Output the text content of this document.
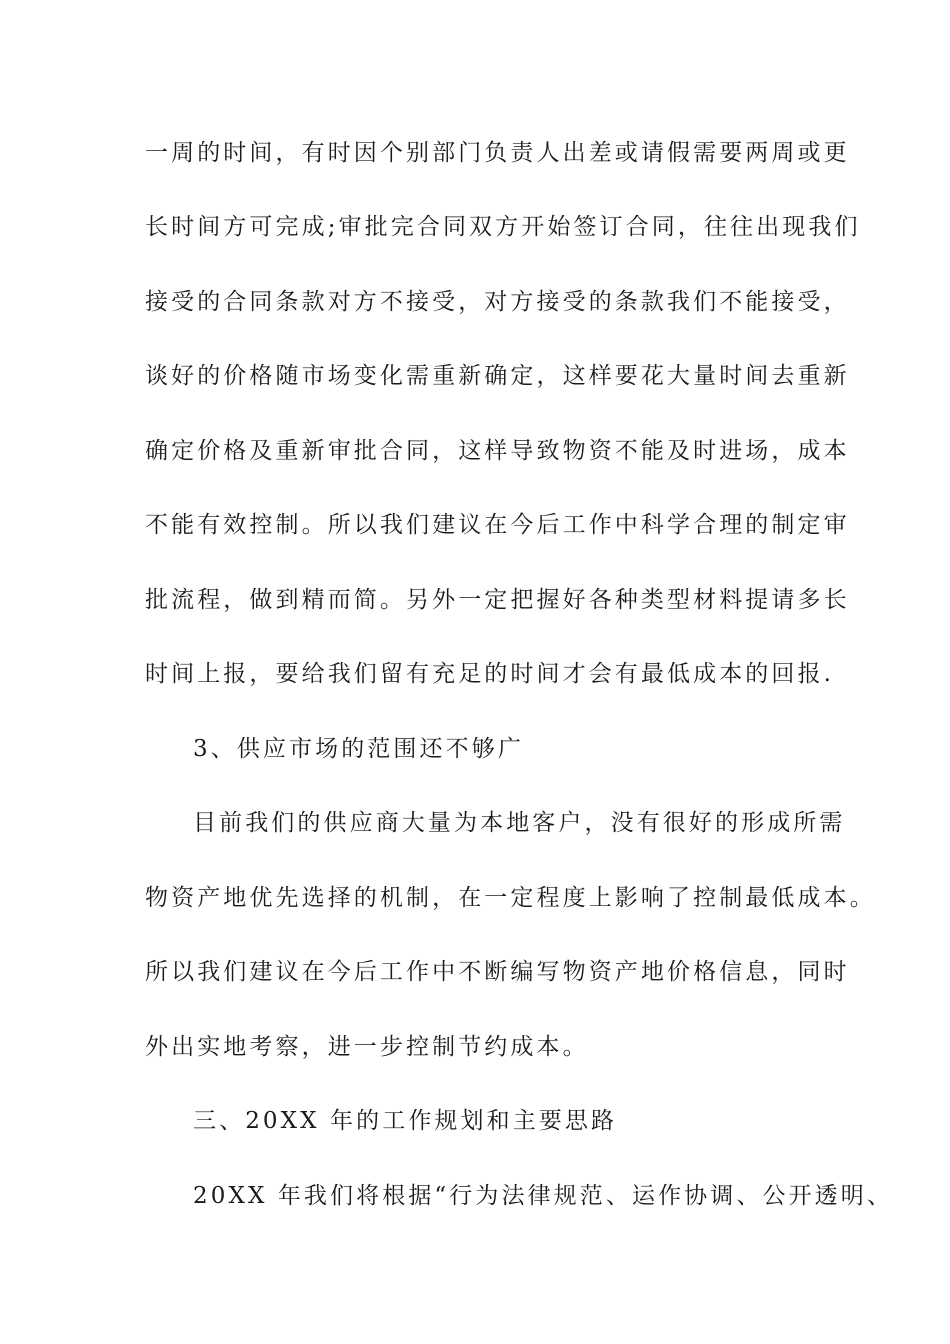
一周的时间，有时因个别部门负责人出差或请假需要两周或更
长时间方可完成;审批完合同双方开始签订合同，往往出现我们
接受的合同条款对方不接受，对方接受的条款我们不能接受，
谈好的价格随市场变化需重新确定，这样要花大量时间去重新
确定价格及重新审批合同，这样导致物资不能及时进场，成本
不能有效控制。所以我们建议在今后工作中科学合理的制定审
批流程，做到精而简。另外一定把握好各种类型材料提请多长
时间上报，要给我们留有充足的时间才会有最低成本的回报.
3、供应市场的范围还不够广
目前我们的供应商大量为本地客户，没有很好的形成所需
物资产地优先选择的机制，在一定程度上影响了控制最低成本。
所以我们建议在今后工作中不断编写物资产地价格信息，同时
外出实地考察，进一步控制节约成本。
三、20XX 年的工作规划和主要思路
20XX 年我们将根据“行为法律规范、运作协调、公开透明、
